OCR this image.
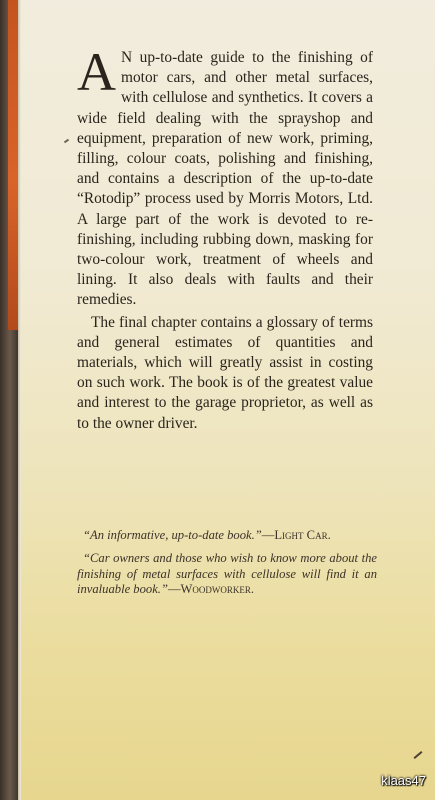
A N up-to-date guide to the finishing of motor cars, and other metal surfaces, with cellulose and synthetics. It covers a wide field dealing with the sprayshop and equipment, preparation of new work, priming, filling, colour coats, polishing and finishing, and contains a description of the up-to-date “Rotodip” process used by Morris Motors, Ltd. A large part of the work is devoted to re-finishing, including rubbing down, masking for two-colour work, treatment of wheels and lining. It also deals with faults and their remedies.

The final chapter contains a glossary of terms and general estimates of quantities and materials, which will greatly assist in costing on such work. The book is of the greatest value and interest to the garage proprietor, as well as to the owner driver.

“An informative, up-to-date book.”—Light Car.

“Car owners and those who wish to know more about the finishing of metal surfaces with cellulose will find it an invaluable book.”—Woodworker.

klaas47
